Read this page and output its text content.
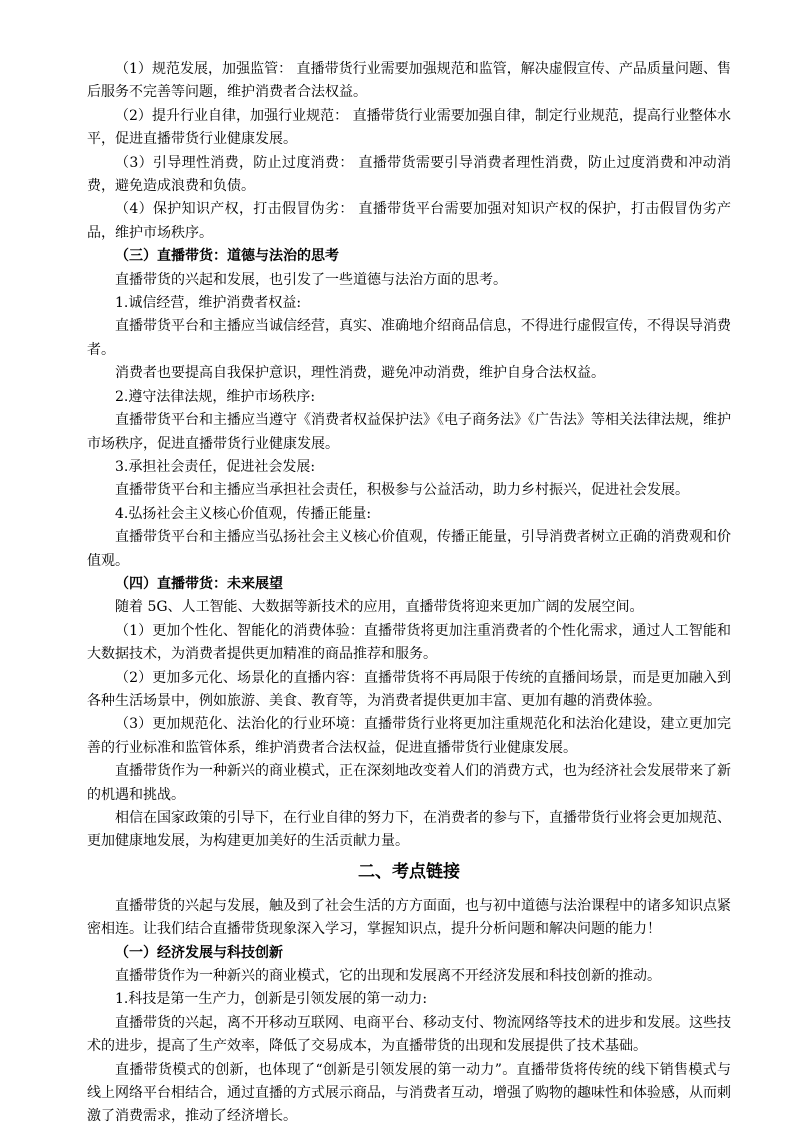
（1）规范发展，加强监管： 直播带货行业需要加强规范和监管，解决虚假宣传、产品质量问题、售后服务不完善等问题，维护消费者合法权益。

（2）提升行业自律，加强行业规范： 直播带货行业需要加强自律，制定行业规范，提高行业整体水平，促进直播带货行业健康发展。

（3）引导理性消费，防止过度消费： 直播带货需要引导消费者理性消费，防止过度消费和冲动消费，避免造成浪费和负债。

（4）保护知识产权，打击假冒伪劣： 直播带货平台需要加强对知识产权的保护，打击假冒伪劣产品，维护市场秩序。

（三）直播带货：道德与法治的思考

直播带货的兴起和发展，也引发了一些道德与法治方面的思考。

1.诚信经营，维护消费者权益:

直播带货平台和主播应当诚信经营，真实、准确地介绍商品信息，不得进行虚假宣传，不得误导消费者。

消费者也要提高自我保护意识，理性消费，避免冲动消费，维护自身合法权益。

2.遵守法律法规，维护市场秩序:

直播带货平台和主播应当遵守《消费者权益保护法》《电子商务法》《广告法》等相关法律法规，维护市场秩序，促进直播带货行业健康发展。

3.承担社会责任，促进社会发展:

直播带货平台和主播应当承担社会责任，积极参与公益活动，助力乡村振兴，促进社会发展。

4.弘扬社会主义核心价值观，传播正能量:

直播带货平台和主播应当弘扬社会主义核心价值观，传播正能量，引导消费者树立正确的消费观和价值观。

（四）直播带货：未来展望

随着 5G、人工智能、大数据等新技术的应用，直播带货将迎来更加广阔的发展空间。

（1）更加个性化、智能化的消费体验：直播带货将更加注重消费者的个性化需求，通过人工智能和大数据技术，为消费者提供更加精准的商品推荐和服务。

（2）更加多元化、场景化的直播内容：直播带货将不再局限于传统的直播间场景，而是更加融入到各种生活场景中，例如旅游、美食、教育等，为消费者提供更加丰富、更加有趣的消费体验。

（3）更加规范化、法治化的行业环境：直播带货行业将更加注重规范化和法治化建设，建立更加完善的行业标准和监管体系，维护消费者合法权益，促进直播带货行业健康发展。

直播带货作为一种新兴的商业模式，正在深刻地改变着人们的消费方式，也为经济社会发展带来了新的机遇和挑战。

相信在国家政策的引导下，在行业自律的努力下，在消费者的参与下，直播带货行业将会更加规范、更加健康地发展，为构建更加美好的生活贡献力量。

二、考点链接

直播带货的兴起与发展，触及到了社会生活的方方面面，也与初中道德与法治课程中的诸多知识点紧密相连。让我们结合直播带货现象深入学习，掌握知识点，提升分析问题和解决问题的能力！

（一）经济发展与科技创新

直播带货作为一种新兴的商业模式，它的出现和发展离不开经济发展和科技创新的推动。

1.科技是第一生产力，创新是引领发展的第一动力:

直播带货的兴起，离不开移动互联网、电商平台、移动支付、物流网络等技术的进步和发展。这些技术的进步，提高了生产效率，降低了交易成本，为直播带货的出现和发展提供了技术基础。

直播带货模式的创新，也体现了“创新是引领发展的第一动力”。直播带货将传统的线下销售模式与线上网络平台相结合，通过直播的方式展示商品，与消费者互动，增强了购物的趣味性和体验感，从而刺激了消费需求，推动了经济增长。
